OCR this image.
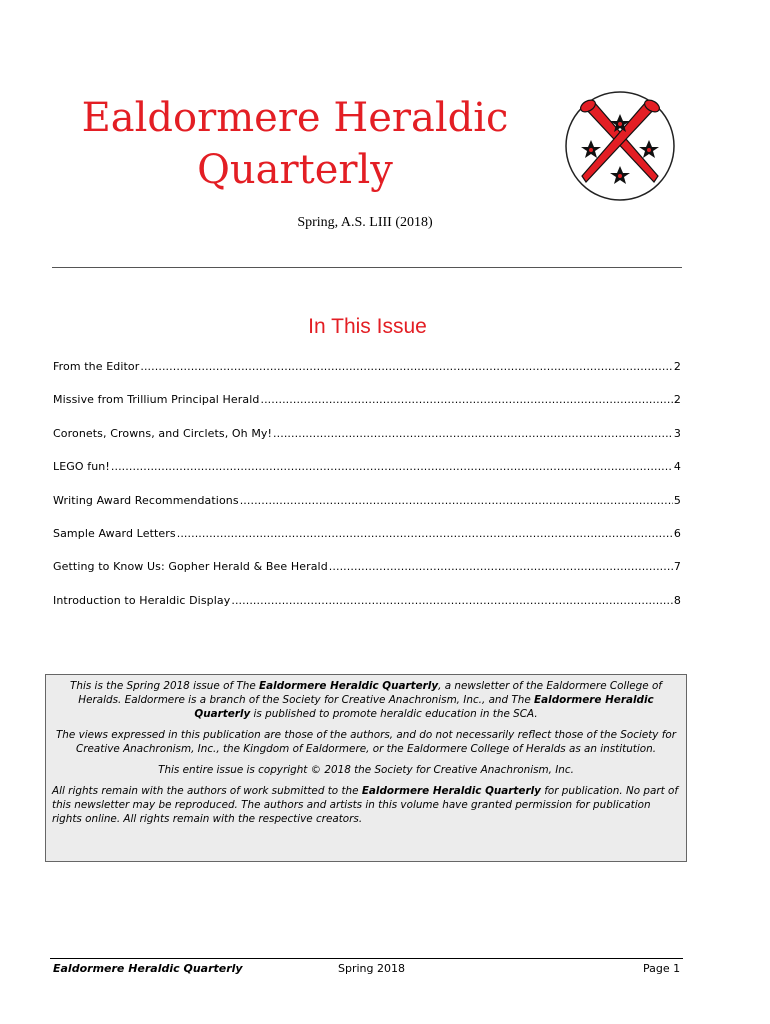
Ealdormere Heraldic
Quarterly
Spring, A.S. LIII (2018)
In This Issue
From the Editor .....	2
Missive from Trillium Principal Herald .....	2
Coronets, Crowns, and Circlets, Oh My! .....	3
LEGO fun! .....	4
Writing Award Recommendations .....	5
Sample Award Letters .....	6
Getting to Know Us: Gopher Herald & Bee Herald .....	7
Introduction to Heraldic Display .....	8

This is the Spring 2018 issue of The Ealdormere Heraldic Quarterly, a newsletter of the Ealdormere College of Heralds. Ealdormere is a branch of the Society for Creative Anachronism, Inc., and The Ealdormere Heraldic Quarterly is published to promote heraldic education in the SCA.

The views expressed in this publication are those of the authors, and do not necessarily reflect those of the Society for Creative Anachronism, Inc., the Kingdom of Ealdormere, or the Ealdormere College of Heralds as an institution.

This entire issue is copyright © 2018 the Society for Creative Anachronism, Inc.

All rights remain with the authors of work submitted to the Ealdormere Heraldic Quarterly for publication. No part of this newsletter may be reproduced. The authors and artists in this volume have granted permission for publication rights online. All rights remain with the respective creators.

Ealdormere Heraldic Quarterly	Spring 2018	Page 1
